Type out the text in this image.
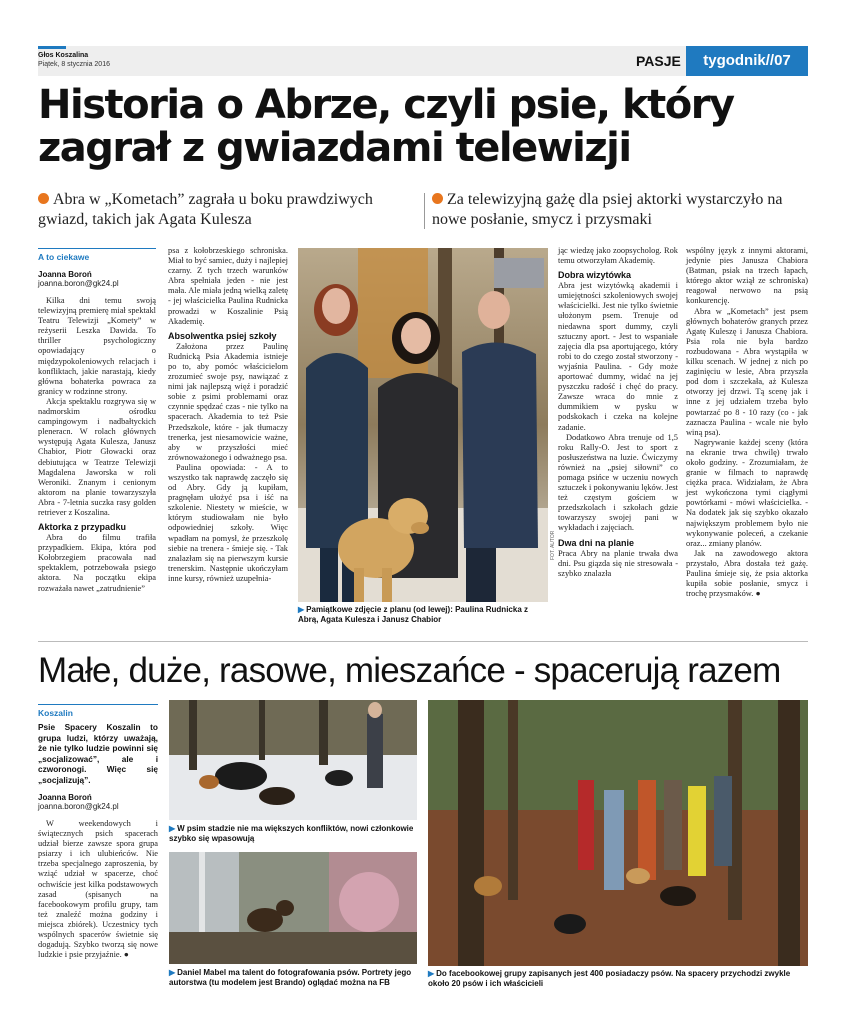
Głos Koszalina
Piątek, 8 stycznia 2016	PASJE	tygodnik//07
Historia o Abrze, czyli psie, który zagrał z gwiazdami telewizji
Abra w „Kometach” zagrała u boku prawdziwych gwiazd, takich jak Agata Kulesza
Za telewizyjną gażę dla psiej aktorki wystarczyło na nowe posłanie, smycz i przysmaki
A to ciekawe
Joanna Boroń
joanna.boron@gk24.pl

Kilka dni temu swoją telewizyjną premierę miał spektakl Teatru Telewizji „Komety” w reżyserii Leszka Dawida. To thriller psychologiczny opowiadający o międzypokoleniowych relacjach i konfliktach, jakie narastają, kiedy główna bohaterka powraca za granicy w rodzinne strony.

Akcja spektaklu rozgrywa się w nadmorskim ośrodku campingowym i nadbałtyckich pleneracn. W rolach głównych występują Agata Kulesza, Janusz Chabior, Piotr Głowacki oraz debiutująca w Teatrze Telewizji Magdalena Jaworska w roli Weroniki. Znanym i cenionym aktorom na planie towarzyszyła Abra - 7-letnia suczka rasy golden retriever z Koszalina.

Aktorka z przypadku

Abra do filmu trafiła przypadkiem. Ekipa, która pod Kołobrzegiem pracowała nad spektaklem, potrzebowała psiego aktora. Na początku ekipa rozważała nawet „zatrudnienie”

psa z kołobrzeskiego schroniska. Miał to być samiec, duży i najlepiej czarny. Z tych trzech warunków Abra spełniała jeden - nie jest mała. Ale miała jedną wielką zaletę - jej właścicielka Paulina Rudnicka prowadzi w Koszalinie Psią Akademię.

Absolwentka psiej szkoły

Założona przez Paulinę Rudnicką Psia Akademia istnieje po to, aby pomóc właścicielom zrozumieć swoje psy, nawiązać z nimi jak najlepszą więź i poradzić sobie z psimi problemami oraz czynnie spędzać czas - nie tylko na spacerach. Akademia to też Psie Przedszkole, które - jak tłumaczy trenerka, jest niesamowicie ważne, aby w przyszłości mieć zrównoważonego i odważnego psa.

Paulina opowiada: - A to wszystko tak naprawdę zaczęło się od Abry. Gdy ją kupiłam, pragnęłam ułożyć psa i iść na szkolenie. Niestety w mieście, w którym studiowałam nie było odpowiedniej szkoły. Więc wpadłam na pomysł, że przeszkolę siebie na trenera - śmieje się. - Tak znalazłam się na pierwszym kursie trenerskim. Następnie ukończyłam inne kursy, również uzupełnia-

FOT. AUTOR
▶ Pamiątkowe zdjęcie z planu (od lewej): Paulina Rudnicka z Abrą, Agata Kulesza i Janusz Chabior

jąc wiedzę jako zoopsycholog. Rok temu otworzyłam Akademię.

Dobra wizytówka

Abra jest wizytówką akademii i umiejętności szkoleniowych swojej właścicielki. Jest nie tylko świetnie ułożonym psem. Trenuje od niedawna sport dummy, czyli sztuczny aport. - Jest to wspaniałe zajęcia dla psa aportującego, który robi to do czego został stworzony - wyjaśnia Paulina. - Gdy może aportować dummy, widać na jej pyszczku radość i chęć do pracy. Zawsze wraca do mnie z dummikiem w pysku w podskokach i czeka na kolejne zadanie.

Dodatkowo Abra trenuje od 1,5 roku Rally-O. Jest to sport z posłuszeństwa na luzie. Ćwiczymy również na „psiej siłowni” co pomaga psińce w uczeniu nowych sztuczek i pokonywaniu lęków. Jest też częstym gościem w przedszkolach i szkołach gdzie towarzyszy swojej pani w wykładach i zajęciach.

Dwa dni na planie

Praca Abry na planie trwała dwa dni. Psu giązda się nie stresowała - szybko znalazła

wspólny język z innymi aktorami, jedynie pies Janusza Chabiora (Batman, psiak na trzech łapach, którego aktor wziął ze schroniska) reagował nerwowo na psią konkurencję.

Abra w „Kometach” jest psem głównych bohaterów granych przez Agatę Kuleszę i Janusza Chabiora. Psia rola nie była bardzo rozbudowana - Abra wystąpiła w kilku scenach. W jednej z nich po zaginięciu w lesie, Abra przyszła pod dom i szczekała, aż Kulesza otworzy jej drzwi. Tą scenę jak i inne z jej udziałem trzeba było powtarzać po 8 - 10 razy (co - jak zaznacza Paulina - wcale nie było winą psa).

Nagrywanie każdej sceny (która na ekranie trwa chwilę) trwało około godziny. - Zrozumiałam, że granie w filmach to naprawdę ciężka praca. Widziałam, że Abra jest wykończona tymi ciągłymi powtórkami - mówi właścicielka. - Na dodatek jak się szybko okazało największym problemem było nie wykonywanie poleceń, a czekanie oraz... zmiany planów.

Jak na zawodowego aktora przystało, Abra dostała też gażę. Paulina śmieje się, że psia aktorka kupiła sobie posłanie, smycz i trochę przysmaków. ●

Małe, duże, rasowe, mieszańce - spacerują razem
Koszalin
Psie Spacery Koszalin to grupa ludzi, którzy uważają, że nie tylko ludzie powinni się „socjalizować”, ale i czworonogi. Więc się „socjalizują”.
Joanna Boroń
joanna.boron@gk24.pl

W weekendowych i świątecznych psich spacerach udział bierze zawsze spora grupa psiarzy i ich ulubieńców. Nie trzeba specjalnego zaproszenia, by wziąć udział w spacerze, choć ochwiście jest kilka podstawowych zasad (spisanych na facebookowym profilu grupy, tam też znaleźć można godziny i miejsca zbiórek). Uczestnicy tych wspólnych spacerów świetnie się dogadują. Szybko tworzą się nowe ludzkie i psie przyjaźnie. ●

▶ W psim stadzie nie ma większych konfliktów, nowi członkowie szybko się wpasowują
▶ Daniel Mabel ma talent do fotografowania psów. Portrety jego autorstwa (tu modelem jest Brando) oglądać można na FB
▶ Do facebookowej grupy zapisanych jest 400 posiadaczy psów. Na spacery przychodzi zwykle około 20 psów i ich właścicieli
